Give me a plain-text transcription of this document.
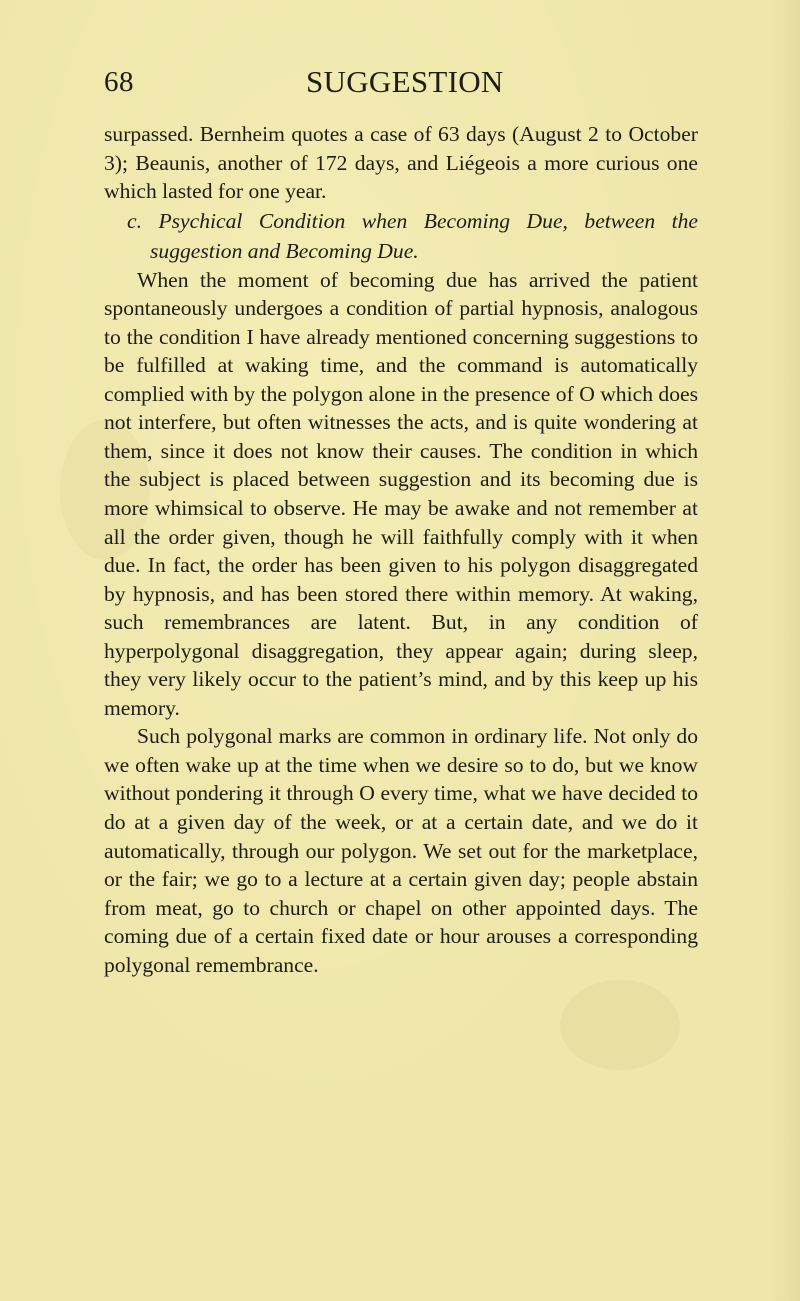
68	SUGGESTION

surpassed. Bernheim quotes a case of 63 days (August 2 to October 3); Beaunis, another of 172 days, and Liégeois a more curious one which lasted for one year.

c. Psychical Condition when Becoming Due, between the suggestion and Becoming Due.

When the moment of becoming due has arrived the patient spontaneously undergoes a condition of partial hypnosis, analogous to the condition I have already mentioned concerning suggestions to be fulfilled at waking time, and the command is automatically complied with by the polygon alone in the presence of O which does not interfere, but often witnesses the acts, and is quite wondering at them, since it does not know their causes. The condition in which the subject is placed between suggestion and its becoming due is more whimsical to observe. He may be awake and not remember at all the order given, though he will faithfully comply with it when due. In fact, the order has been given to his polygon disaggregated by hypnosis, and has been stored there within memory. At waking, such remembrances are latent. But, in any condition of hyperpolygonal disaggregation, they appear again; during sleep, they very likely occur to the patient’s mind, and by this keep up his memory.

Such polygonal marks are common in ordinary life. Not only do we often wake up at the time when we desire so to do, but we know without pondering it through O every time, what we have decided to do at a given day of the week, or at a certain date, and we do it automatically, through our polygon. We set out for the marketplace, or the fair; we go to a lecture at a certain given day; people abstain from meat, go to church or chapel on other appointed days. The coming due of a certain fixed date or hour arouses a corresponding polygonal remembrance.
